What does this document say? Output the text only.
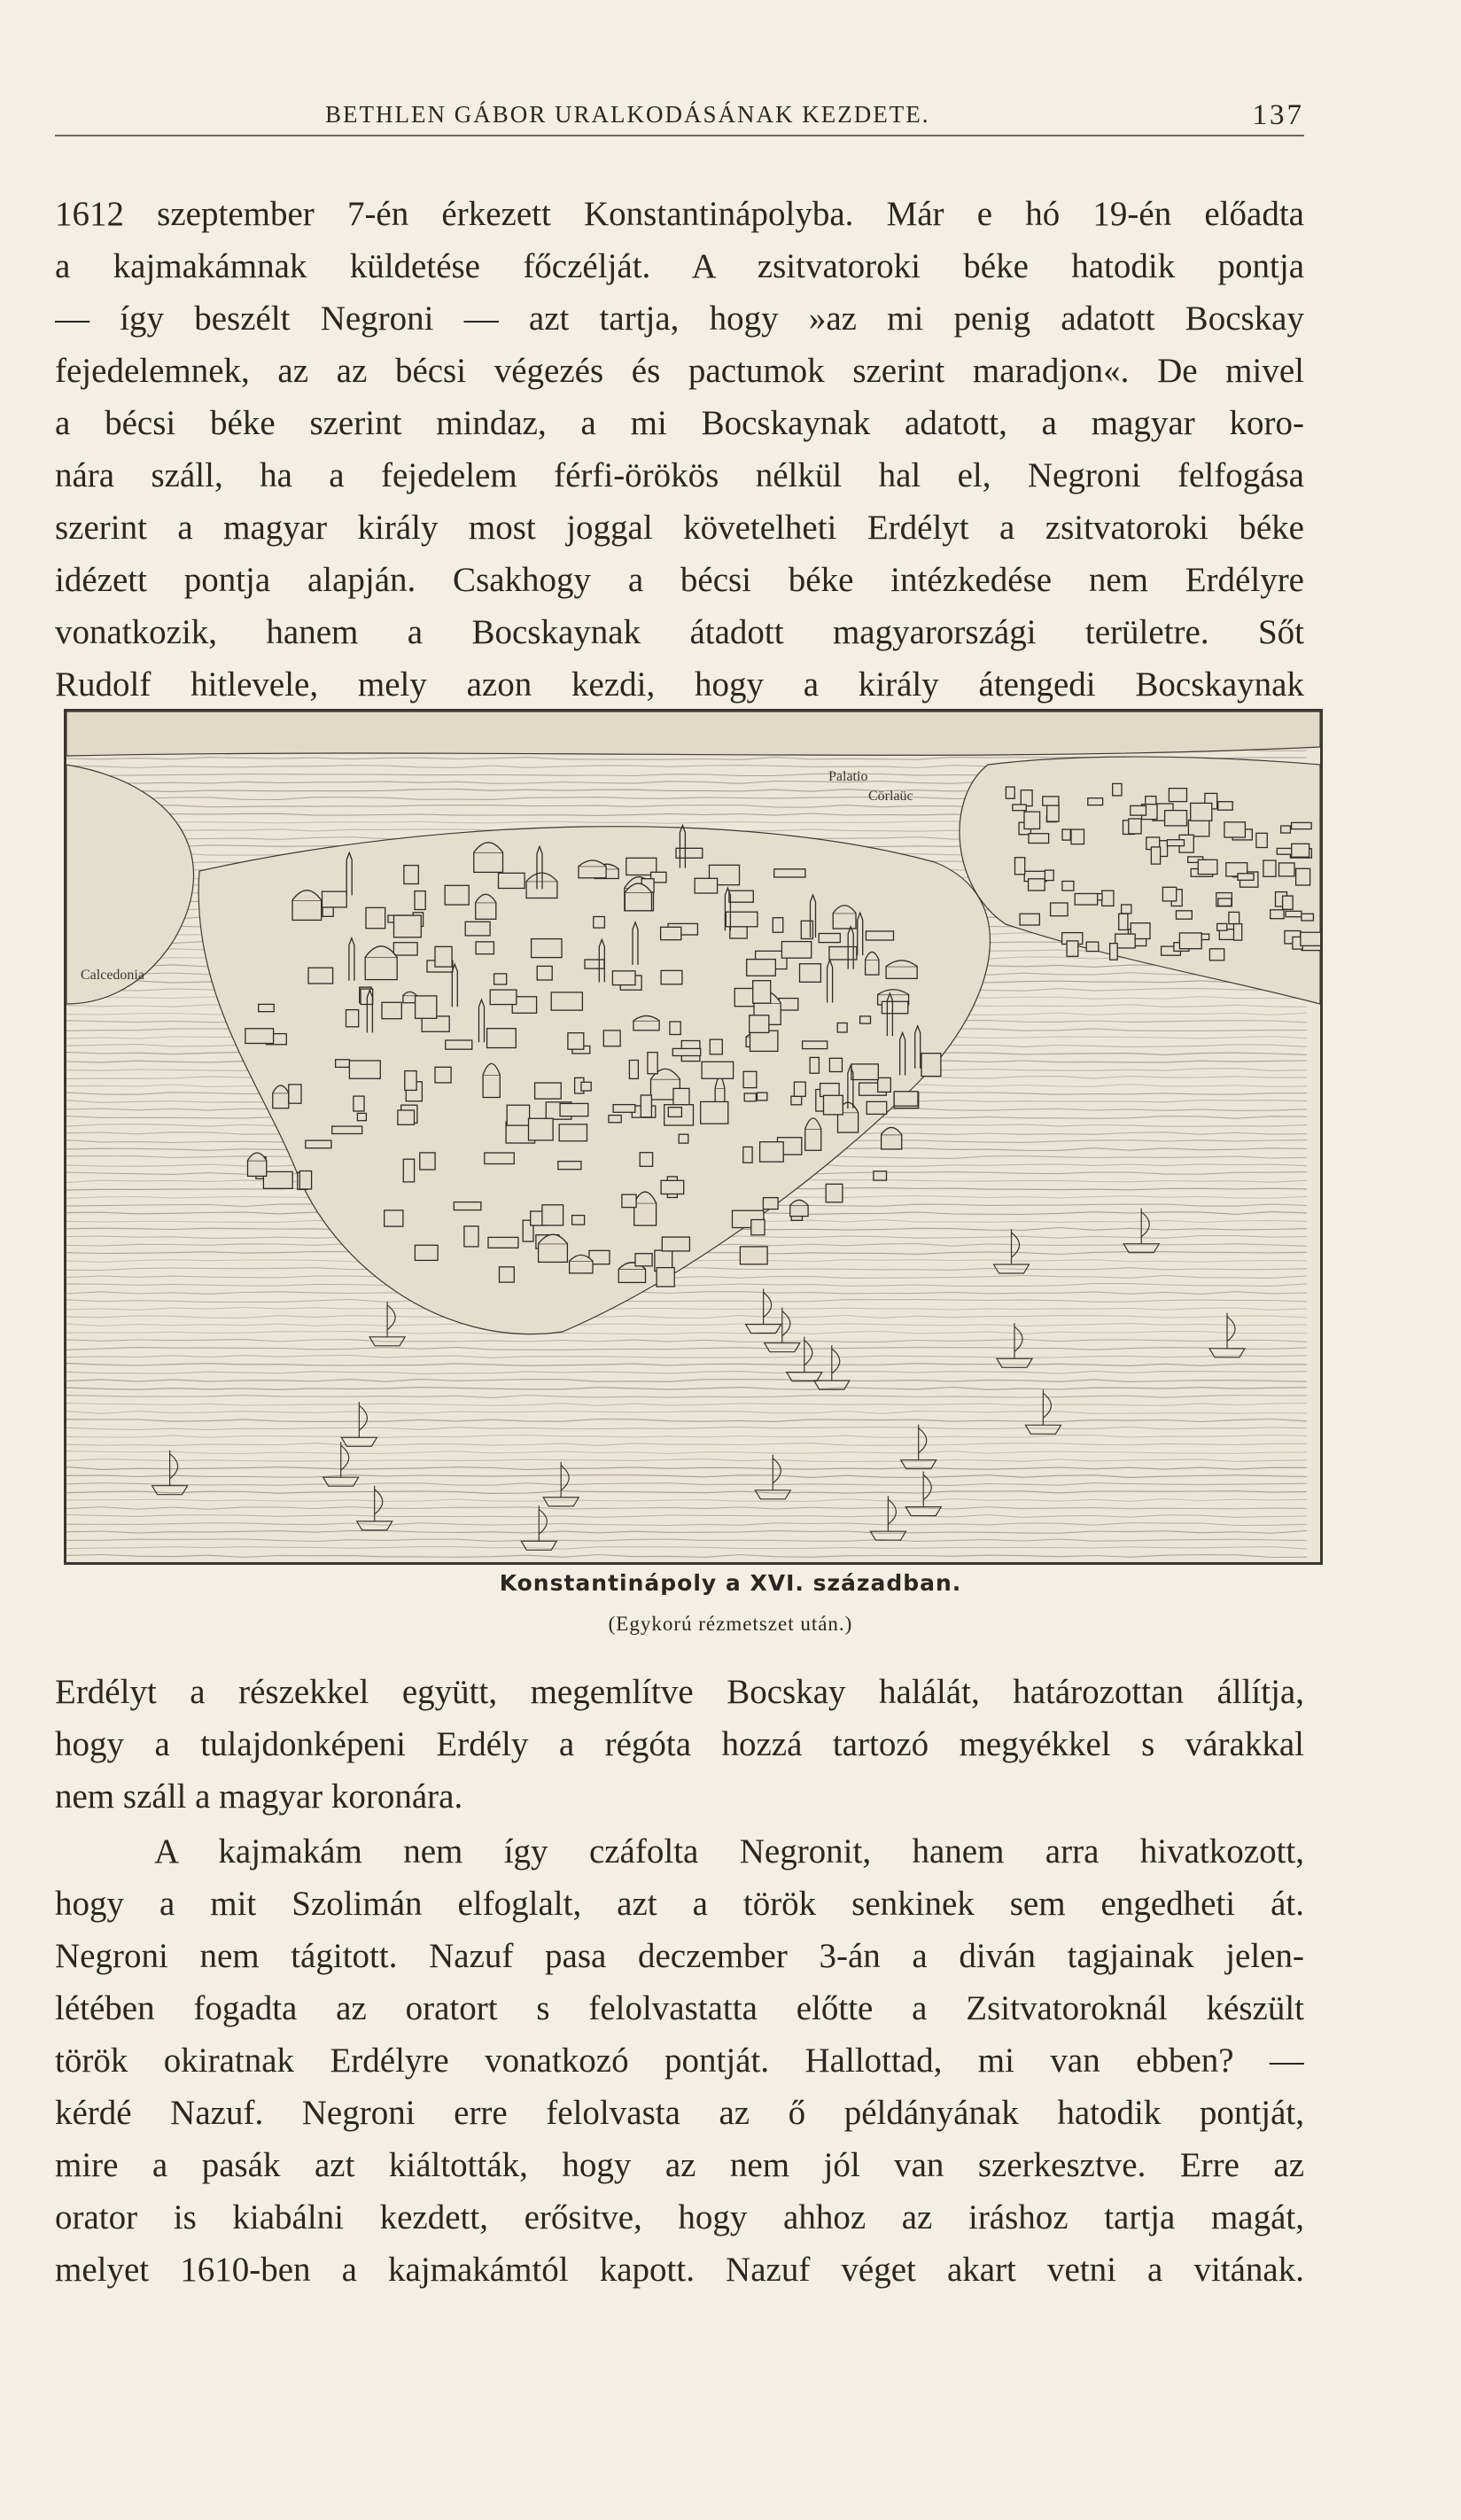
BETHLEN GÁBOR URALKODÁSÁNAK KEZDETE.	137
1612 szeptember 7-én érkezett Konstantinápolyba. Már e hó 19-én előadta
a kajmakámnak küldetése főczélját. A zsitvatoroki béke hatodik pontja
— így beszélt Negroni — azt tartja, hogy »az mi penig adatott Bocskay
fejedelemnek, az az bécsi végezés és pactumok szerint maradjon«. De mivel
a bécsi béke szerint mindaz, a mi Bocskaynak adatott, a magyar koro-
nára száll, ha a fejedelem férfi-örökös nélkül hal el, Negroni felfogása
szerint a magyar király most joggal követelheti Erdélyt a zsitvatoroki béke
idézett pontja alapján. Csakhogy a bécsi béke intézkedése nem Erdélyre
vonatkozik, hanem a Bocskaynak átadott magyarországi területre. Sőt
Rudolf hitlevele, mely azon kezdi, hogy a király átengedi Bocskaynak
Palatio
Cörlaüc
Calcedonia
Konstantinápoly a XVI. században.
(Egykorú rézmetszet után.)
Erdélyt a részekkel együtt, megemlítve Bocskay halálát, határozottan állítja,
hogy a tulajdonképeni Erdély a régóta hozzá tartozó megyékkel s várakkal
nem száll a magyar koronára.
A kajmakám nem így czáfolta Negronit, hanem arra hivatkozott,
hogy a mit Szolimán elfoglalt, azt a török senkinek sem engedheti át.
Negroni nem tágitott. Nazuf pasa deczember 3-án a diván tagjainak jelen-
létében fogadta az oratort s felolvastatta előtte a Zsitvatoroknál készült
török okiratnak Erdélyre vonatkozó pontját. Hallottad, mi van ebben? —
kérdé Nazuf. Negroni erre felolvasta az ő példányának hatodik pontját,
mire a pasák azt kiáltották, hogy az nem jól van szerkesztve. Erre az
orator is kiabálni kezdett, erősitve, hogy ahhoz az iráshoz tartja magát,
melyet 1610-ben a kajmakámtól kapott. Nazuf véget akart vetni a vitának.
